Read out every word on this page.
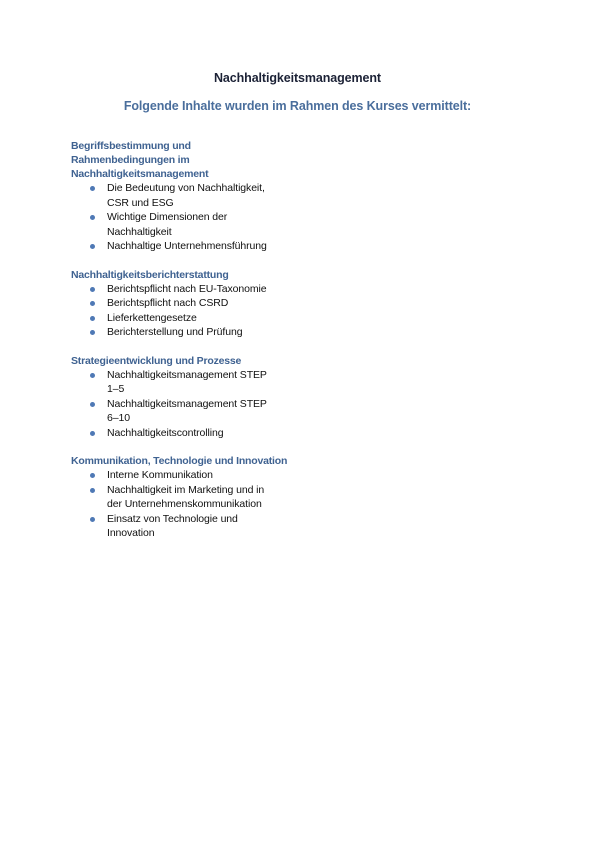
Nachhaltigkeitsmanagement
Folgende Inhalte wurden im Rahmen des Kurses vermittelt:
Begriffsbestimmung und Rahmenbedingungen im Nachhaltigkeitsmanagement
Die Bedeutung von Nachhaltigkeit, CSR und ESG
Wichtige Dimensionen der Nachhaltigkeit
Nachhaltige Unternehmensführung
Nachhaltigkeitsberichterstattung
Berichtspflicht nach EU-Taxonomie
Berichtspflicht nach CSRD
Lieferkettengesetze
Berichterstellung und Prüfung
Strategieentwicklung und Prozesse
Nachhaltigkeitsmanagement STEP 1–5
Nachhaltigkeitsmanagement STEP 6–10
Nachhaltigkeitscontrolling
Kommunikation, Technologie und Innovation
Interne Kommunikation
Nachhaltigkeit im Marketing und in der Unternehmenskommunikation
Einsatz von Technologie und Innovation
